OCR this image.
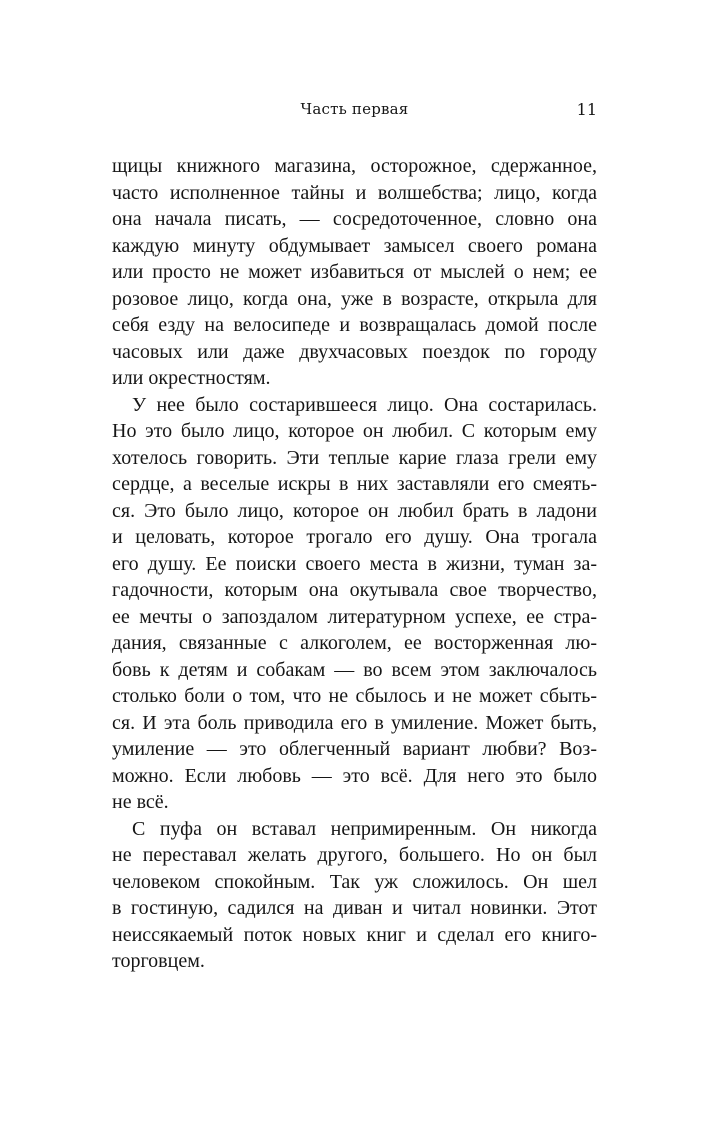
Часть первая	11
щицы книжного магазина, осторожное, сдержанное,
часто исполненное тайны и волшебства; лицо, когда
она начала писать, — сосредоточенное, словно она
каждую минуту обдумывает замысел своего романа
или просто не может избавиться от мыслей о нем; ее
розовое лицо, когда она, уже в возрасте, открыла для
себя езду на велосипеде и возвращалась домой после
часовых или даже двухчасовых поездок по городу
или окрестностям.
У нее было состарившееся лицо. Она состарилась.
Но это было лицо, которое он любил. С которым ему
хотелось говорить. Эти теплые карие глаза грели ему
сердце, а веселые искры в них заставляли его смеять-
ся. Это было лицо, которое он любил брать в ладони
и целовать, которое трогало его душу. Она трогала
его душу. Ее поиски своего места в жизни, туман за-
гадочности, которым она окутывала свое творчество,
ее мечты о запоздалом литературном успехе, ее стра-
дания, связанные с алкоголем, ее восторженная лю-
бовь к детям и собакам — во всем этом заключалось
столько боли о том, что не сбылось и не может сбыть-
ся. И эта боль приводила его в умиление. Может быть,
умиление — это облегченный вариант любви? Воз-
можно. Если любовь — это всё. Для него это было
не всё.
С пуфа он вставал непримиренным. Он никогда
не переставал желать другого, большего. Но он был
человеком спокойным. Так уж сложилось. Он шел
в гостиную, садился на диван и читал новинки. Этот
неиссякаемый поток новых книг и сделал его книго-
торговцем.
